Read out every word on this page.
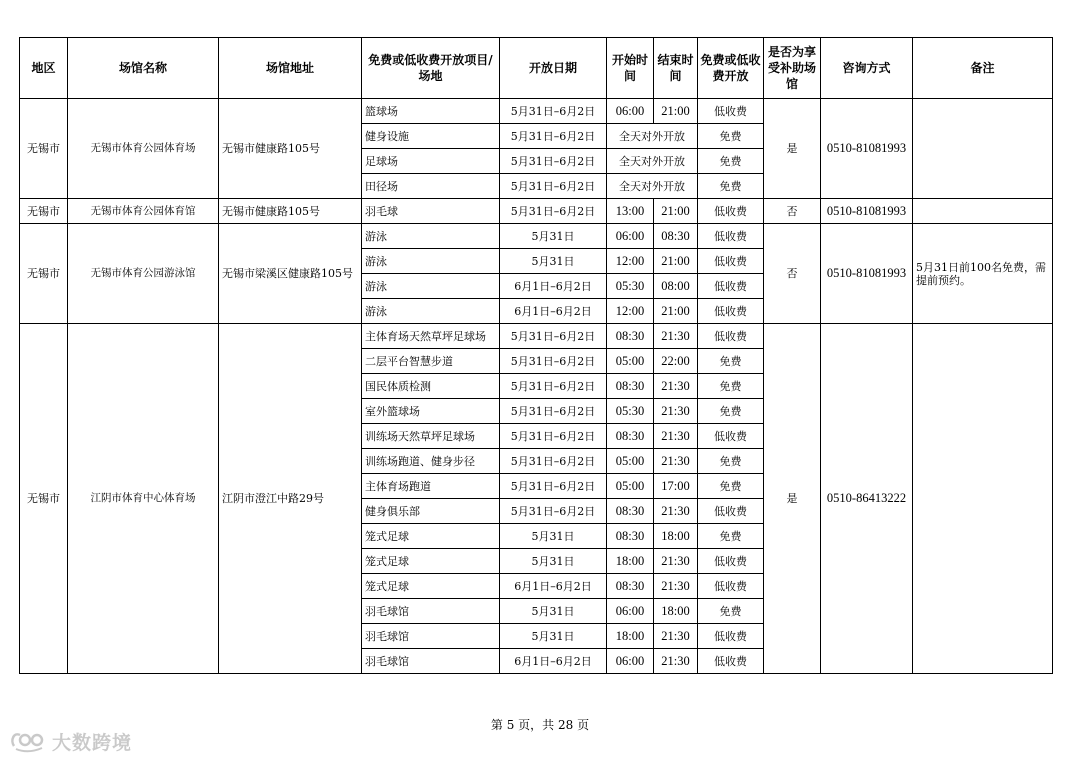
地区	场馆名称	场馆地址	免费或低收费开放项目/场地	开放日期	开始时间	结束时间	免费或低收费开放	是否为享受补助场馆	咨询方式	备注
无锡市	无锡市体育公园体育场	无锡市健康路105号	篮球场	5月31日–6月2日	06:00	21:00	低收费	是	0510-81081993	
			健身设施	5月31日–6月2日	全天对外开放		免费			
			足球场	5月31日–6月2日	全天对外开放		免费			
			田径场	5月31日–6月2日	全天对外开放		免费			
无锡市	无锡市体育公园体育馆	无锡市健康路105号	羽毛球	5月31日–6月2日	13:00	21:00	低收费	否	0510-81081993	
无锡市	无锡市体育公园游泳馆	无锡市梁溪区健康路105号	游泳	5月31日	06:00	08:30	低收费	否	0510-81081993	5月31日前100名免费，需提前预约。
			游泳	5月31日	12:00	21:00	低收费			
			游泳	6月1日–6月2日	05:30	08:00	低收费			
			游泳	6月1日–6月2日	12:00	21:00	低收费			
无锡市	江阴市体育中心体育场	江阴市澄江中路29号	主体育场天然草坪足球场	5月31日–6月2日	08:30	21:30	低收费	是	0510-86413222	
			二层平台智慧步道	5月31日–6月2日	05:00	22:00	免费			
			国民体质检测	5月31日–6月2日	08:30	21:30	免费			
			室外篮球场	5月31日–6月2日	05:30	21:30	免费			
			训练场天然草坪足球场	5月31日–6月2日	08:30	21:30	低收费			
			训练场跑道、健身步径	5月31日–6月2日	05:00	21:30	免费			
			主体育场跑道	5月31日–6月2日	05:00	17:00	免费			
			健身俱乐部	5月31日–6月2日	08:30	21:30	低收费			
			笼式足球	5月31日	08:30	18:00	免费			
			笼式足球	5月31日	18:00	21:30	低收费			
			笼式足球	6月1日–6月2日	08:30	21:30	低收费			
			羽毛球馆	5月31日	06:00	18:00	免费			
			羽毛球馆	5月31日	18:00	21:30	低收费			
			羽毛球馆	6月1日–6月2日	06:00	21:30	低收费			
第 5 页，共 28 页
大数跨境
